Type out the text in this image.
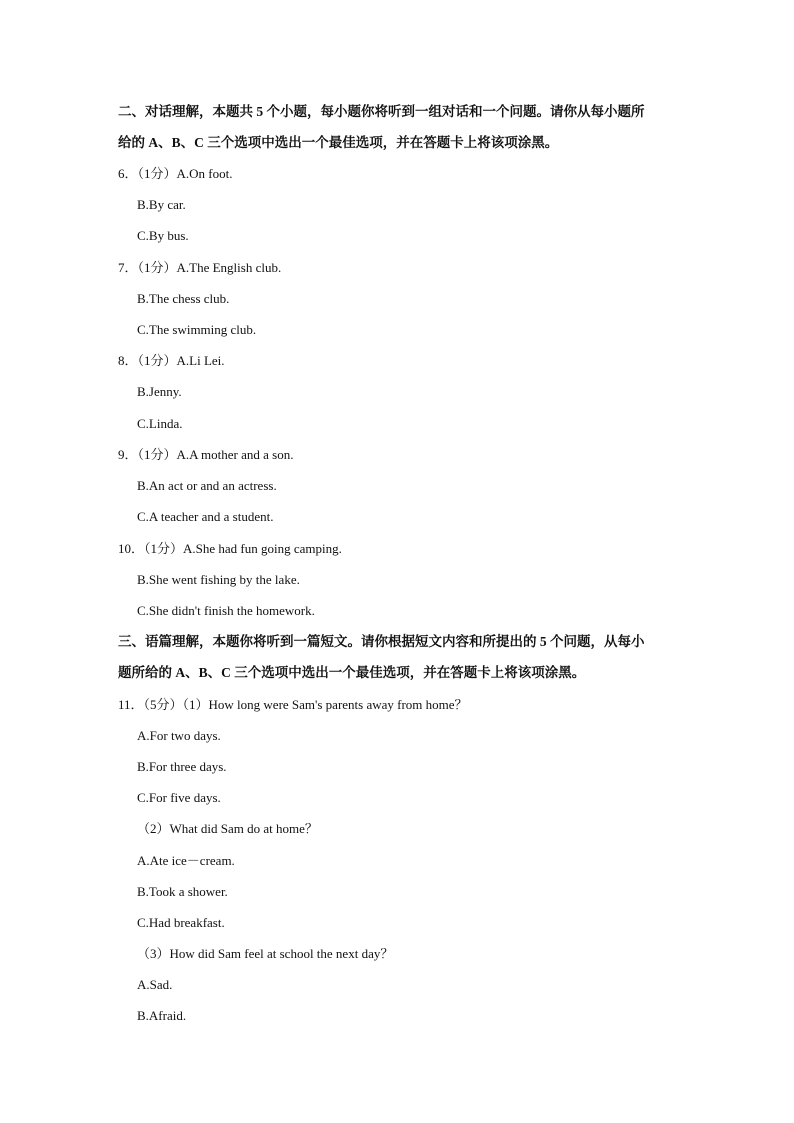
二、对话理解，本题共 5 个小题，每小题你将听到一组对话和一个问题。请你从每小题所
给的 A、B、C 三个选项中选出一个最佳选项，并在答题卡上将该项涂黑。
6．（1分）A.On foot.
B.By car.
C.By bus.
7．（1分）A.The English club.
B.The chess club.
C.The swimming club.
8．（1分）A.Li Lei.
B.Jenny.
C.Linda.
9．（1分）A.A mother and a son.
B.An act or and an actress.
C.A teacher and a student.
10．（1分）A.She had fun going camping.
B.She went fishing by the lake.
C.She didn't finish the homework.
三、语篇理解，本题你将听到一篇短文。请你根据短文内容和所提出的 5 个问题，从每小
题所给的 A、B、C 三个选项中选出一个最佳选项，并在答题卡上将该项涂黑。
11．（5分）（1）How long were Sam's parents away from home？
A.For two days.
B.For three days.
C.For five days.
（2）What did Sam do at home？
A.Ate ice－cream.
B.Took a shower.
C.Had breakfast.
（3）How did Sam feel at school the next day？
A.Sad.
B.Afraid.
